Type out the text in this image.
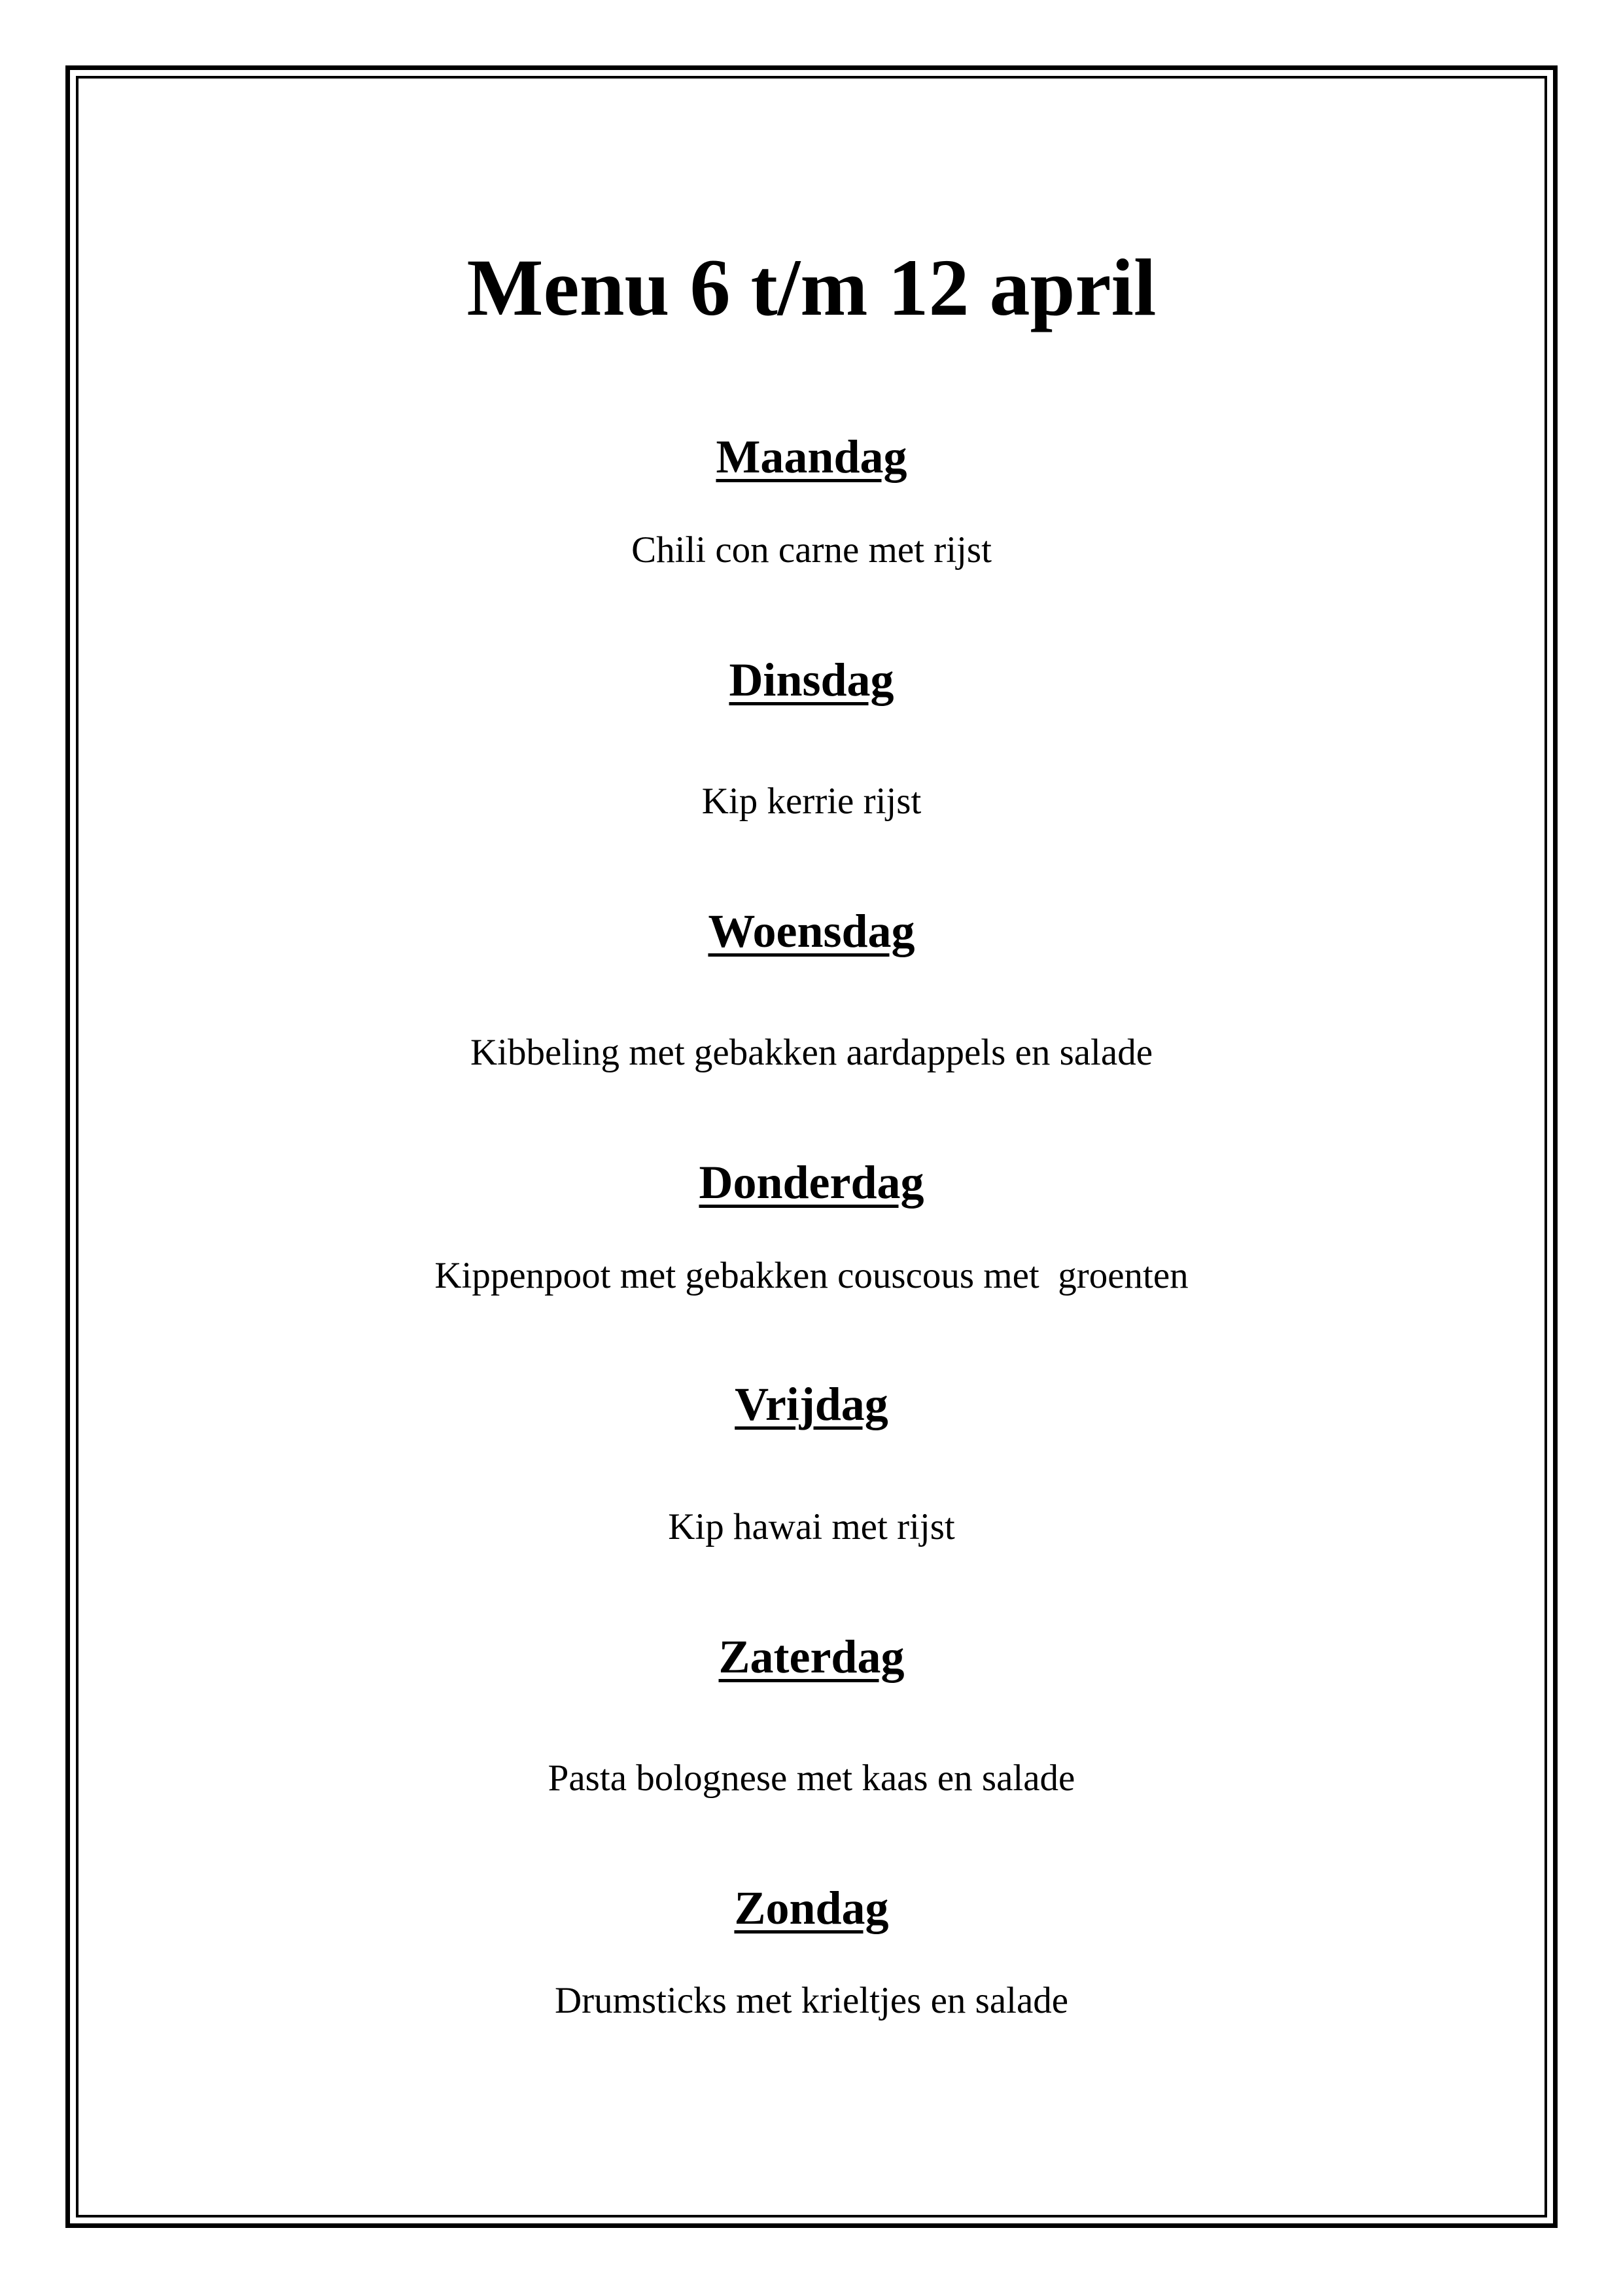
Menu 6 t/m 12 april
Maandag
Chili con carne met rijst
Dinsdag
Kip kerrie rijst
Woensdag
Kibbeling met gebakken aardappels en salade
Donderdag
Kippenpoot met gebakken couscous met  groenten
Vrijdag
Kip hawai met rijst
Zaterdag
Pasta bolognese met kaas en salade
Zondag
Drumsticks met krieltjes en salade
